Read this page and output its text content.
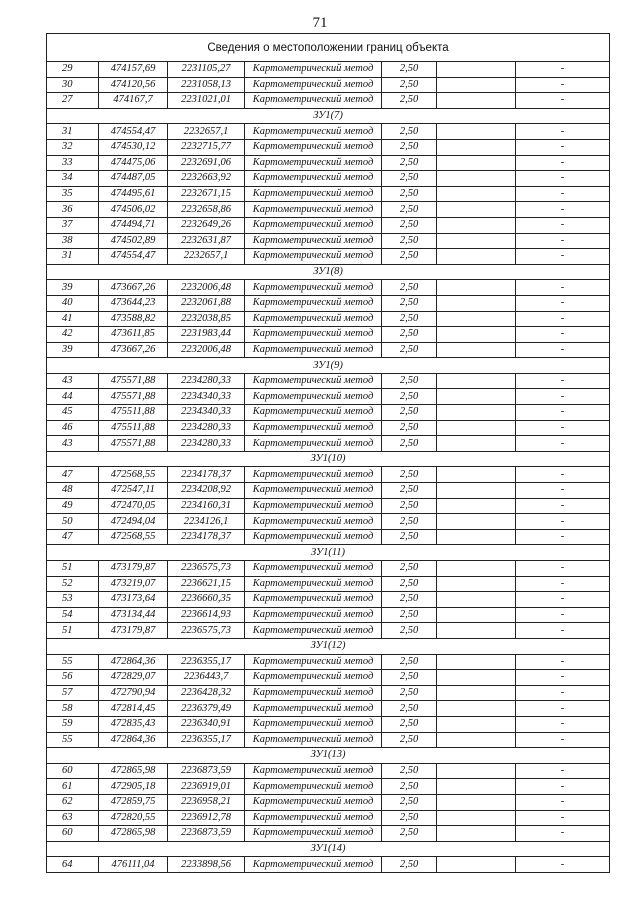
71
Сведения о местоположении границ объекта						
29	474157,69	2231105,27	Картометрический метод	2,50		-
30	474120,56	2231058,13	Картометрический метод	2,50		-
27	474167,7	2231021,01	Картометрический метод	2,50		-
ЗУ1(7)						
31	474554,47	2232657,1	Картометрический метод	2,50		-
32	474530,12	2232715,77	Картометрический метод	2,50		-
33	474475,06	2232691,06	Картометрический метод	2,50		-
34	474487,05	2232663,92	Картометрический метод	2,50		-
35	474495,61	2232671,15	Картометрический метод	2,50		-
36	474506,02	2232658,86	Картометрический метод	2,50		-
37	474494,71	2232649,26	Картометрический метод	2,50		-
38	474502,89	2232631,87	Картометрический метод	2,50		-
31	474554,47	2232657,1	Картометрический метод	2,50		-
ЗУ1(8)						
39	473667,26	2232006,48	Картометрический метод	2,50		-
40	473644,23	2232061,88	Картометрический метод	2,50		-
41	473588,82	2232038,85	Картометрический метод	2,50		-
42	473611,85	2231983,44	Картометрический метод	2,50		-
39	473667,26	2232006,48	Картометрический метод	2,50		-
ЗУ1(9)						
43	475571,88	2234280,33	Картометрический метод	2,50		-
44	475571,88	2234340,33	Картометрический метод	2,50		-
45	475511,88	2234340,33	Картометрический метод	2,50		-
46	475511,88	2234280,33	Картометрический метод	2,50		-
43	475571,88	2234280,33	Картометрический метод	2,50		-
ЗУ1(10)						
47	472568,55	2234178,37	Картометрический метод	2,50		-
48	472547,11	2234208,92	Картометрический метод	2,50		-
49	472470,05	2234160,31	Картометрический метод	2,50		-
50	472494,04	2234126,1	Картометрический метод	2,50		-
47	472568,55	2234178,37	Картометрический метод	2,50		-
ЗУ1(11)						
51	473179,87	2236575,73	Картометрический метод	2,50		-
52	473219,07	2236621,15	Картометрический метод	2,50		-
53	473173,64	2236660,35	Картометрический метод	2,50		-
54	473134,44	2236614,93	Картометрический метод	2,50		-
51	473179,87	2236575,73	Картометрический метод	2,50		-
ЗУ1(12)						
55	472864,36	2236355,17	Картометрический метод	2,50		-
56	472829,07	2236443,7	Картометрический метод	2,50		-
57	472790,94	2236428,32	Картометрический метод	2,50		-
58	472814,45	2236379,49	Картометрический метод	2,50		-
59	472835,43	2236340,91	Картометрический метод	2,50		-
55	472864,36	2236355,17	Картометрический метод	2,50		-
ЗУ1(13)						
60	472865,98	2236873,59	Картометрический метод	2,50		-
61	472905,18	2236919,01	Картометрический метод	2,50		-
62	472859,75	2236958,21	Картометрический метод	2,50		-
63	472820,55	2236912,78	Картометрический метод	2,50		-
60	472865,98	2236873,59	Картометрический метод	2,50		-
ЗУ1(14)						
64	476111,04	2233898,56	Картометрический метод	2,50		-
